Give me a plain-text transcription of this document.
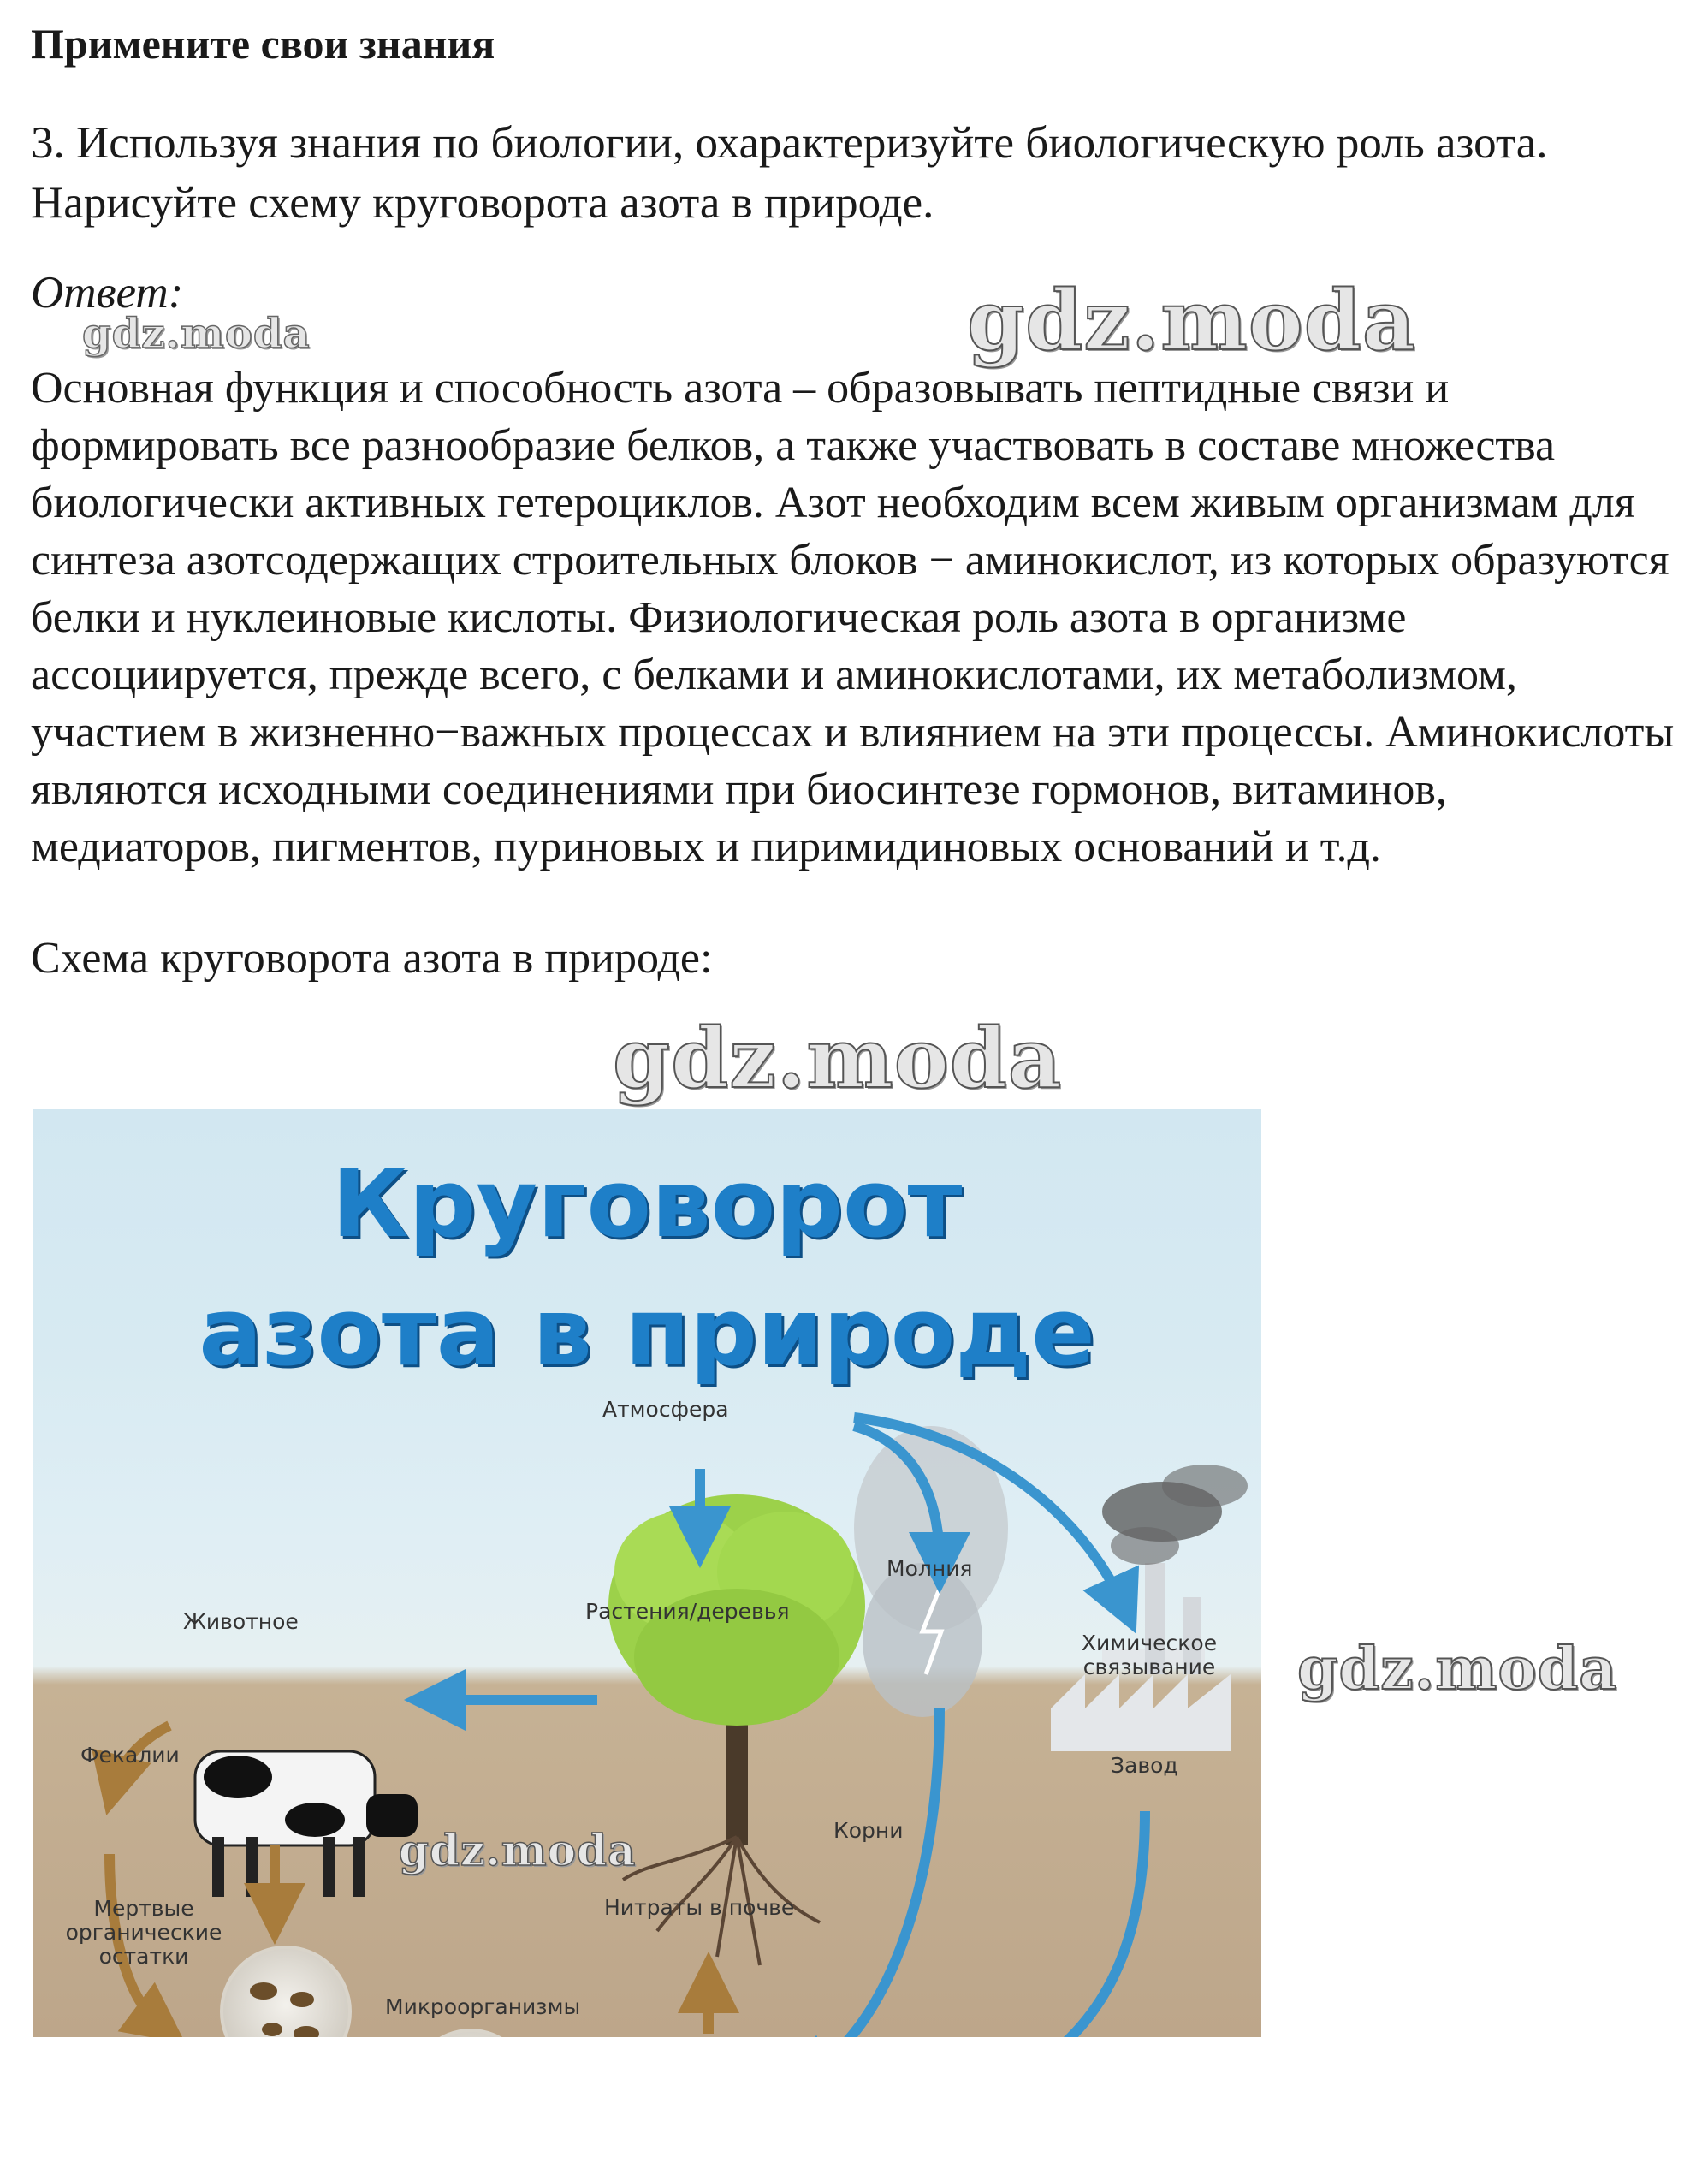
Примените свои знания

3. Используя знания по биологии, охарактеризуйте биологическую роль азота. Нарисуйте схему круговорота азота в природе.

Ответ:

Основная функция и способность азота – образовывать пептидные связи и формировать все разнообразие белков, а также участвовать в составе множества биологически активных гетероциклов. Азот необходим всем живым организмам для синтеза азотсодержащих строительных блоков − аминокислот, из которых образуются белки и нуклеиновые кислоты. Физиологическая роль азота в организме ассоциируется, прежде всего, с белками и аминокислотами, их метаболизмом, участием в жизненно−важных процессах и влиянием на эти процессы. Аминокислоты являются исходными соединениями при биосинтезе гормонов, витаминов, медиаторов, пигментов, пуриновых и пиримидиновых оснований и т.д.

Схема круговорота азота в природе:

gdz.moda	gdz.moda
gdz.moda
gdz.moda
Круговорот
азота в природе
Атмосфера
Молния
Растения/деревья
Животное
Химическое связывание
Фекалии	Завод
Корни
Нитраты в почве
Мертвые органические остатки
Микроорганизмы
gdz.moda
